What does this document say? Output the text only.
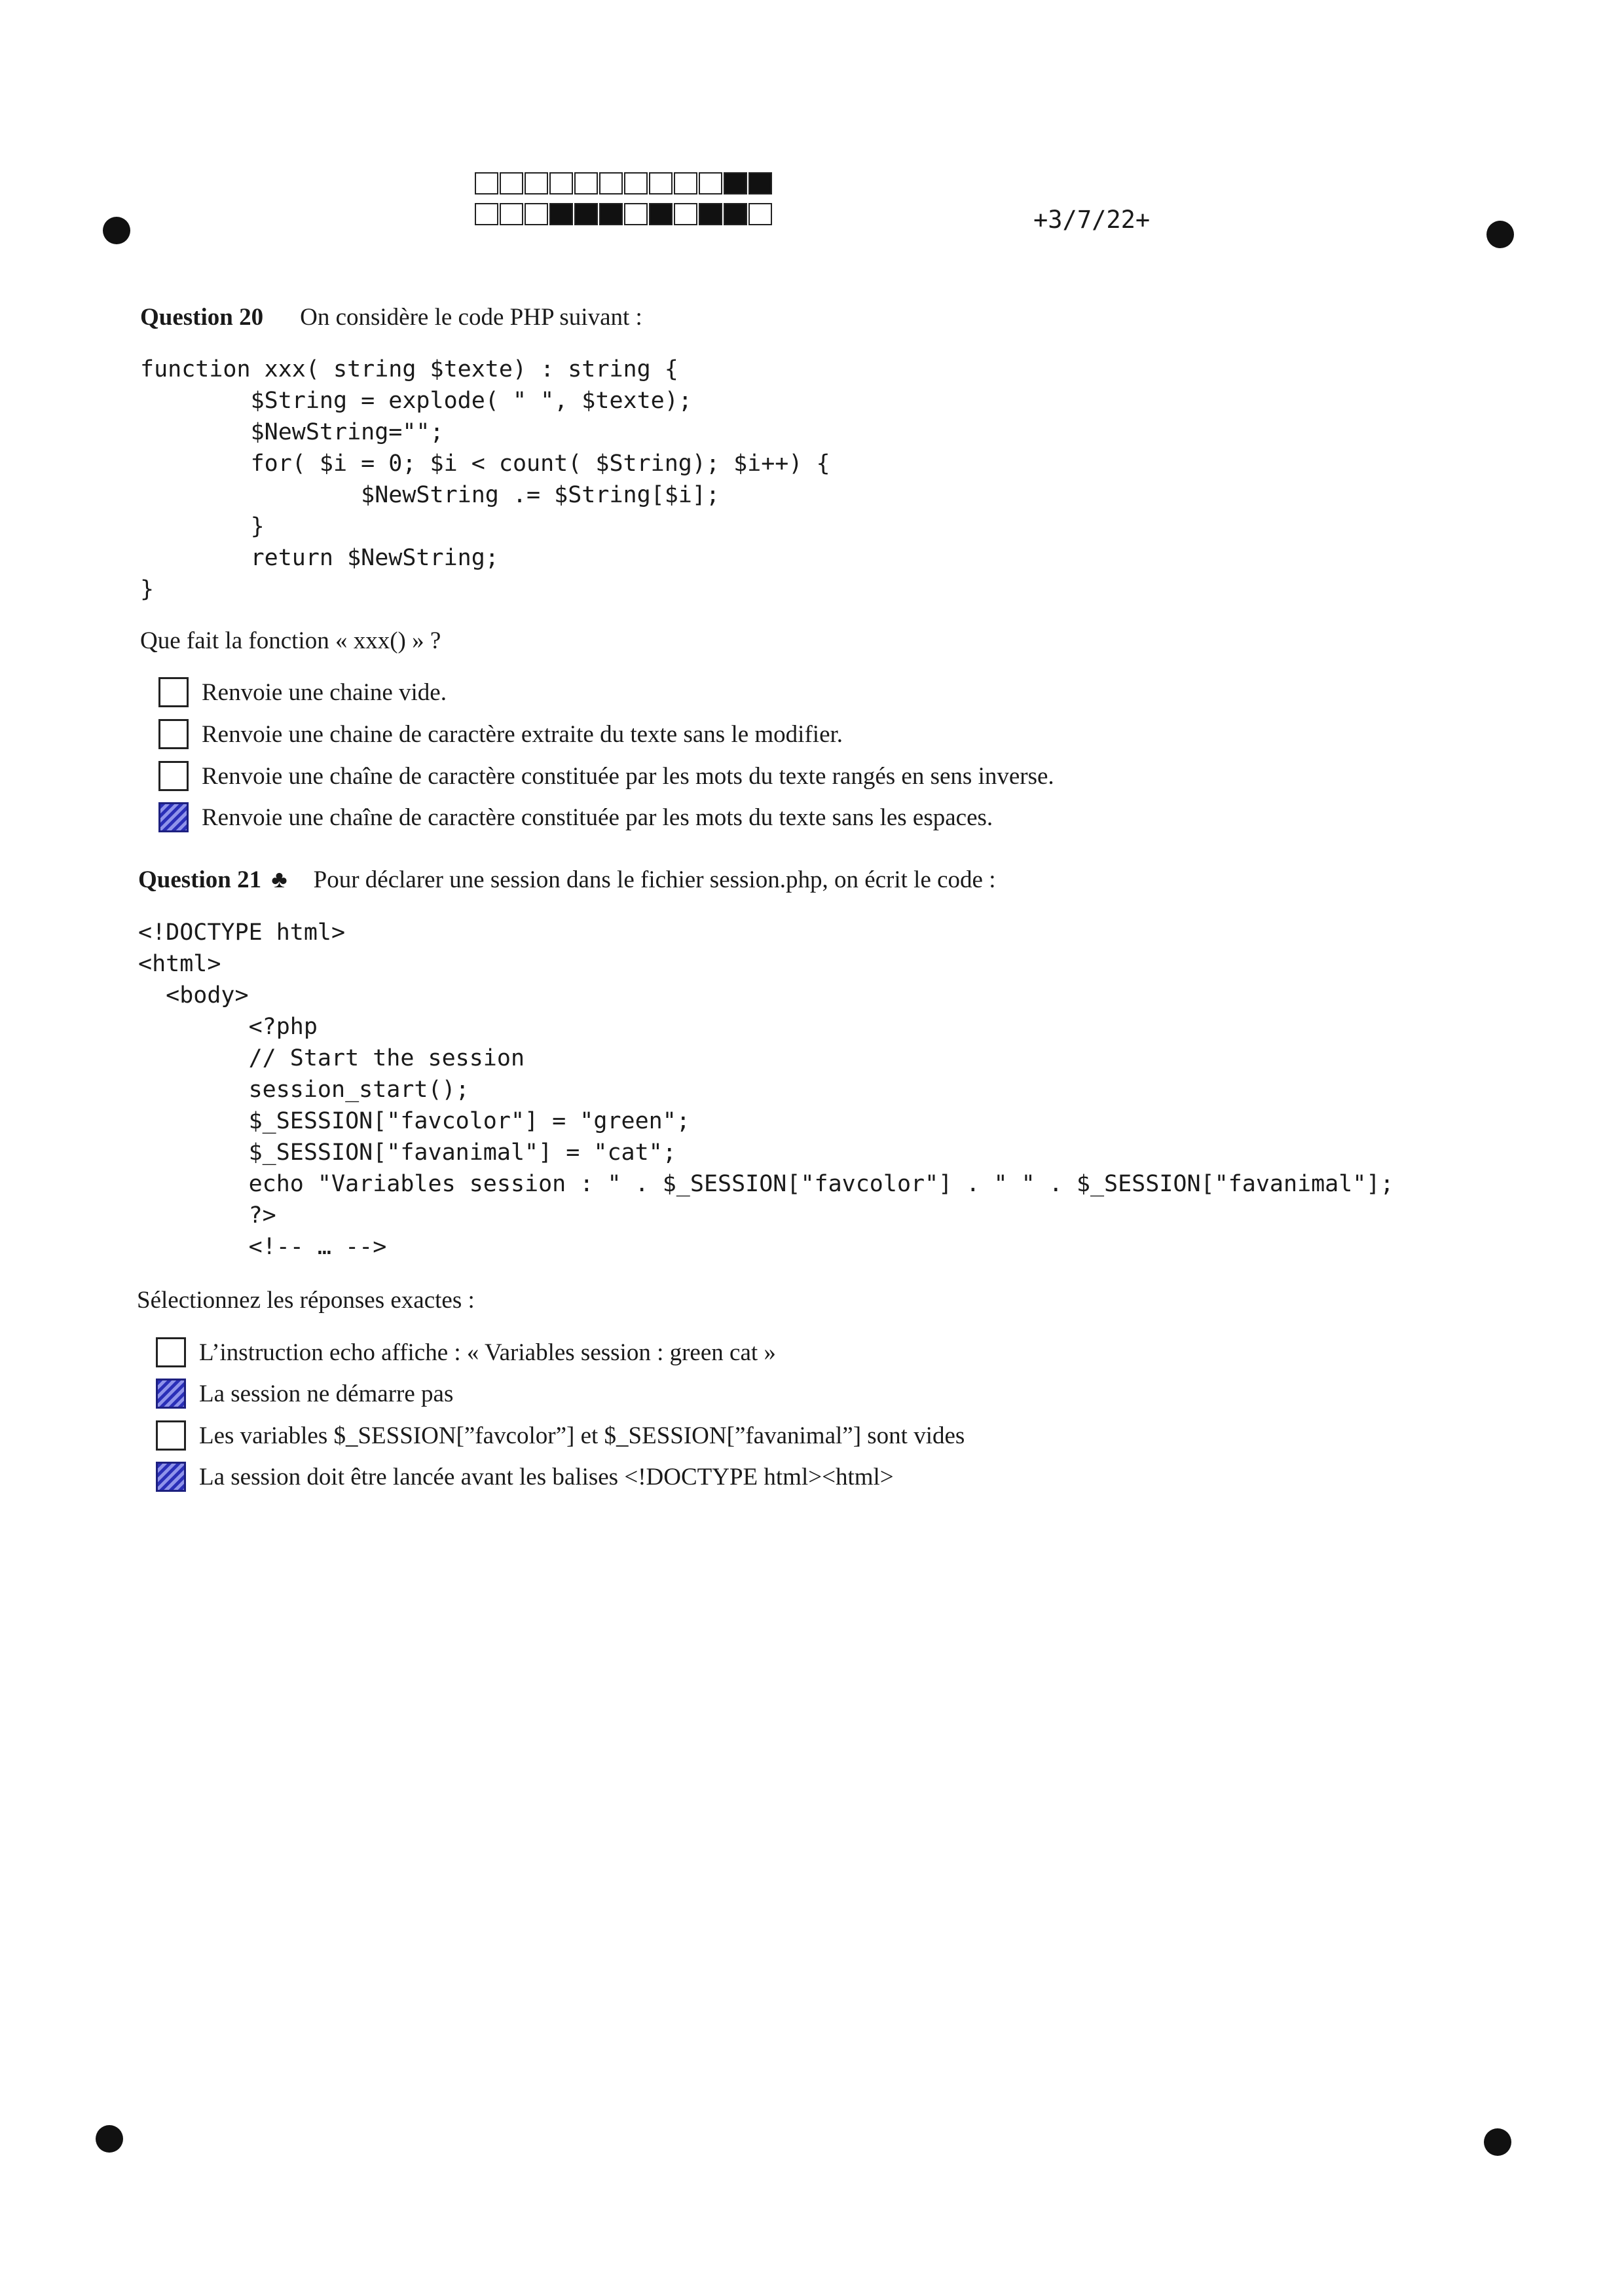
+3/7/22+
Question 20 On considère le code PHP suivant :
function xxx( string $texte) : string {
$String = explode( " ", $texte);
$NewString="";
for( $i = 0; $i < count( $String); $i++) {
$NewString .= $String[$i];
}
return $NewString;
}
Que fait la fonction « xxx() » ?
Renvoie une chaine vide.
Renvoie une chaine de caractère extraite du texte sans le modifier.
Renvoie une chaîne de caractère constituée par les mots du texte rangés en sens inverse.
Renvoie une chaîne de caractère constituée par les mots du texte sans les espaces.
Question 21 ♣ Pour déclarer une session dans le fichier session.php, on écrit le code :
<!DOCTYPE html>
<html>
<body>
<?php
// Start the session
session_start();
$_SESSION["favcolor"] = "green";
$_SESSION["favanimal"] = "cat";
echo "Variables session : " . $_SESSION["favcolor"] . " " . $_SESSION["favanimal"];
?>
<!-- … -->
Sélectionnez les réponses exactes :
L’instruction echo affiche : « Variables session : green cat »
La session ne démarre pas
Les variables $_SESSION[”favcolor”] et $_SESSION[”favanimal”] sont vides
La session doit être lancée avant les balises <!DOCTYPE html><html>
